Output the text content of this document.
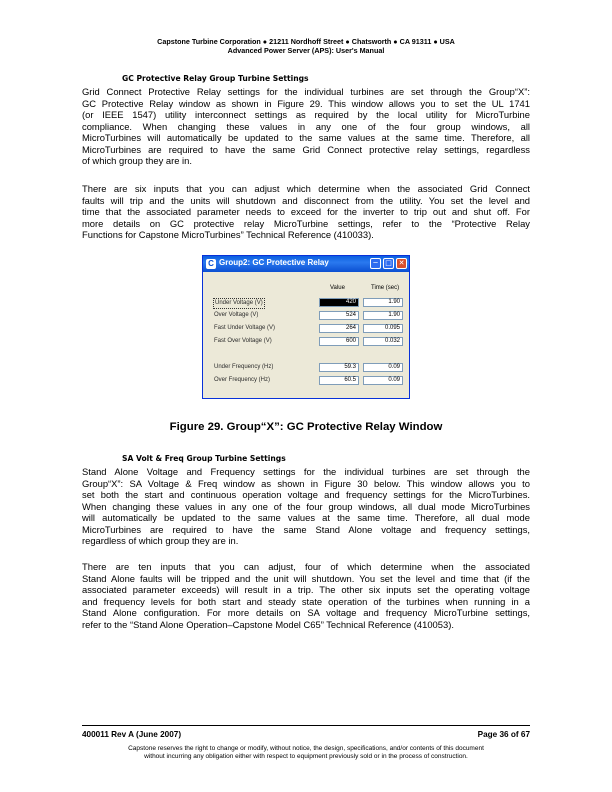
Capstone Turbine Corporation ● 21211 Nordhoff Street ● Chatsworth ● CA 91311 ● USA
Advanced Power Server (APS): User's Manual
GC Protective Relay Group Turbine Settings
Grid Connect Protective Relay settings for the individual turbines are set through the Group“X”:
GC Protective Relay window as shown in Figure 29. This window allows you to set the UL 1741
(or IEEE 1547) utility interconnect settings as required by the local utility for MicroTurbine
compliance. When changing these values in any one of the four group windows, all
MicroTurbines will automatically be updated to the same values at the same time. Therefore, all
MicroTurbines are required to have the same Grid Connect protective relay settings, regardless
of which group they are in.
There are six inputs that you can adjust which determine when the associated Grid Connect
faults will trip and the units will shutdown and disconnect from the utility. You set the level and
time that the associated parameter needs to exceed for the inverter to trip out and shut off. For
more details on GC protective relay MicroTurbine settings, refer to the “Protective Relay
Functions for Capstone MicroTurbines” Technical Reference (410033).
C Group2: GC Protective Relay	─	□ ✕
Value	Time (sec)
Under Voltage (V)	420	1.90
Over Voltage (V)	524	1.90
Fast Under Voltage (V)	264	0.095
Fast Over Voltage (V)	600	0.032
Under Frequency (Hz)	59.3	0.09
Over Frequency (Hz)	60.5	0.09
Figure 29. Group“X”: GC Protective Relay Window
SA Volt & Freq Group Turbine Settings
Stand Alone Voltage and Frequency settings for the individual turbines are set through the
Group“X”: SA Voltage & Freq window as shown in Figure 30 below. This window allows you to
set both the start and continuous operation voltage and frequency settings for the MicroTurbines.
When changing these values in any one of the four group windows, all dual mode MicroTurbines
will automatically be updated to the same values at the same time. Therefore, all dual mode
MicroTurbines are required to have the same Stand Alone voltage and frequency settings,
regardless of which group they are in.
There are ten inputs that you can adjust, four of which determine when the associated
Stand Alone faults will be tripped and the unit will shutdown. You set the level and time that (if the
associated parameter exceeds) will result in a trip. The other six inputs set the operating voltage
and frequency levels for both start and steady state operation of the turbines when running in a
Stand Alone configuration. For more details on SA voltage and frequency MicroTurbine settings,
refer to the “Stand Alone Operation–Capstone Model C65” Technical Reference (410053).
400011 Rev A (June 2007)	Page 36 of 67
Capstone reserves the right to change or modify, without notice, the design, specifications, and/or contents of this document
without incurring any obligation either with respect to equipment previously sold or in the process of construction.
